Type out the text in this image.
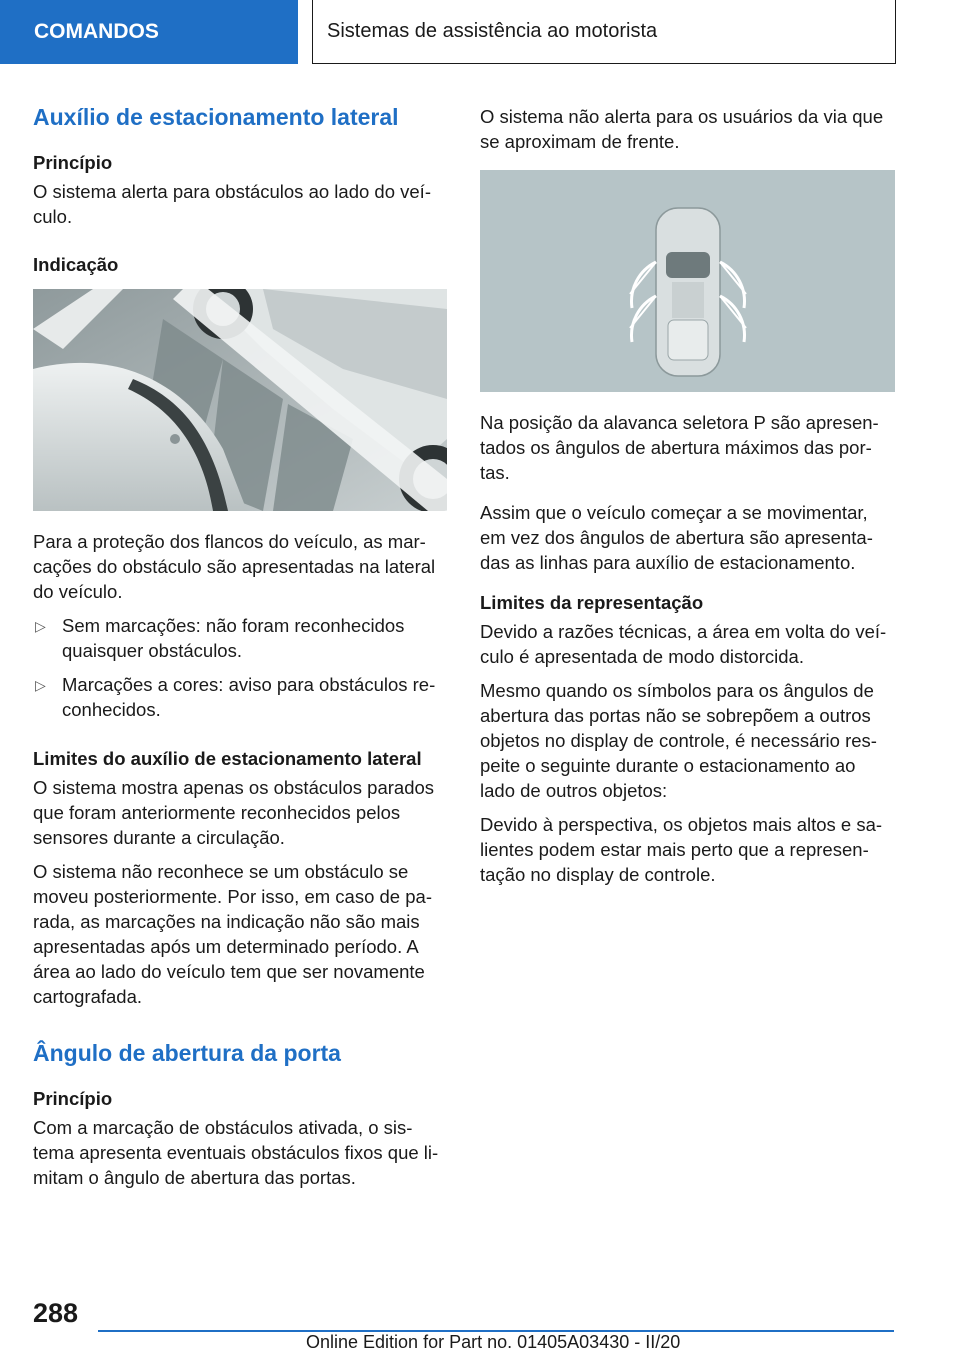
COMANDOS	Sistemas de assistência ao motorista
Auxílio de estacionamento lateral
Princípio

O sistema alerta para obstáculos ao lado do veículo.

Indicação

Para a proteção dos flancos do veículo, as marcações do obstáculo são apresentadas na lateral do veículo.

▷ Sem marcações: não foram reconhecidos quaisquer obstáculos.
▷ Marcações a cores: aviso para obstáculos reconhecidos.
Limites do auxílio de estacionamento lateral

O sistema mostra apenas os obstáculos parados que foram anteriormente reconhecidos pelos sensores durante a circulação.

O sistema não reconhece se um obstáculo se moveu posteriormente. Por isso, em caso de parada, as marcações na indicação não são mais apresentadas após um determinado período. A área ao lado do veículo tem que ser novamente cartografada.

Ângulo de abertura da porta
Princípio

Com a marcação de obstáculos ativada, o sistema apresenta eventuais obstáculos fixos que limitam o ângulo de abertura das portas.

O sistema não alerta para os usuários da via que se aproximam de frente.

Na posição da alavanca seletora P são apresentados os ângulos de abertura máximos das portas.

Assim que o veículo começar a se movimentar, em vez dos ângulos de abertura são apresentadas as linhas para auxílio de estacionamento.

Limites da representação

Devido a razões técnicas, a área em volta do veículo é apresentada de modo distorcida.

Mesmo quando os símbolos para os ângulos de abertura das portas não se sobrepõem a outros objetos no display de controle, é necessário respeite o seguinte durante o estacionamento ao lado de outros objetos:

Devido à perspectiva, os objetos mais altos e salientes podem estar mais perto que a representação no display de controle.

288
Online Edition for Part no. 01405A03430 - II/20
